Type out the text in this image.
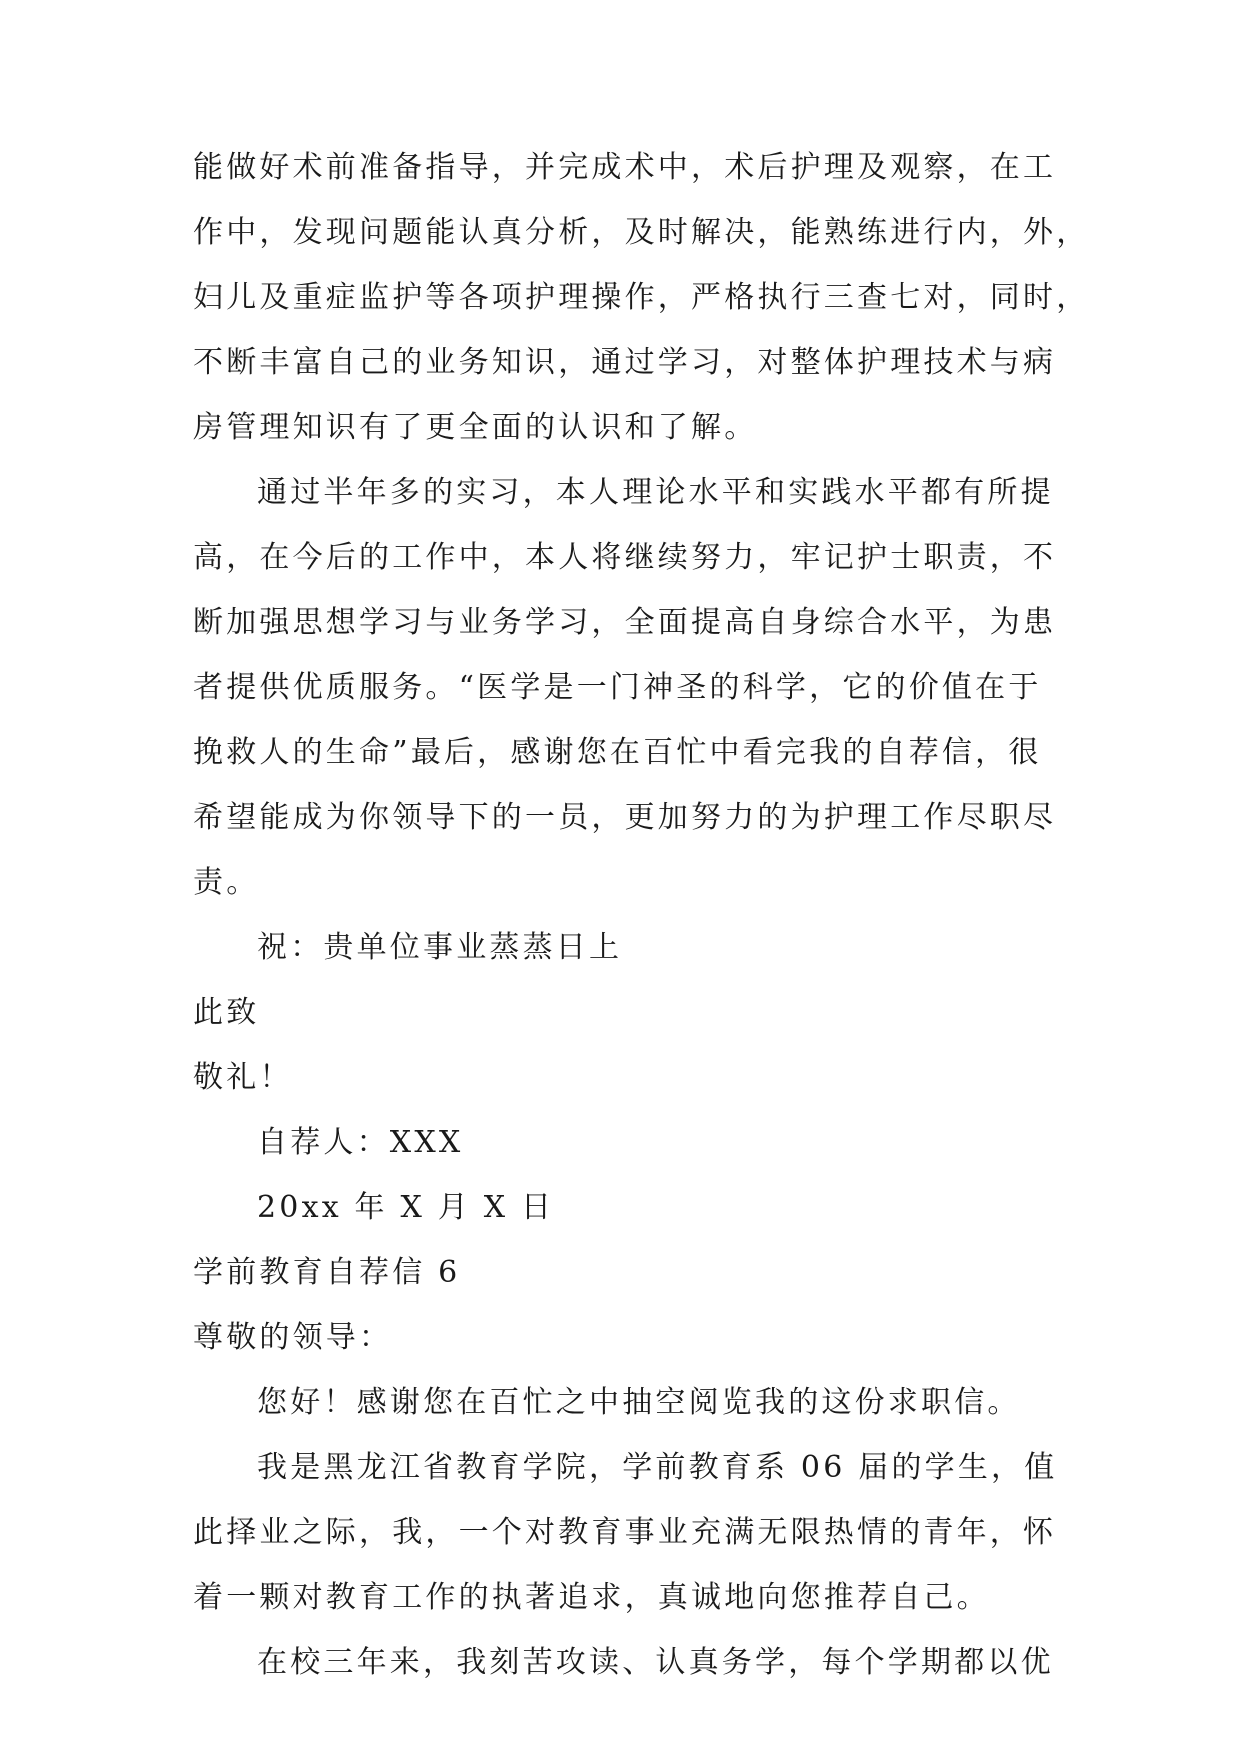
能做好术前准备指导，并完成术中，术后护理及观察，在工
作中，发现问题能认真分析，及时解决，能熟练进行内，外，
妇儿及重症监护等各项护理操作，严格执行三查七对，同时，
不断丰富自己的业务知识，通过学习，对整体护理技术与病
房管理知识有了更全面的认识和了解。
通过半年多的实习，本人理论水平和实践水平都有所提
高，在今后的工作中，本人将继续努力，牢记护士职责，不
断加强思想学习与业务学习，全面提高自身综合水平，为患
者提供优质服务。“医学是一门神圣的科学，它的价值在于
挽救人的生命”最后，感谢您在百忙中看完我的自荐信，很
希望能成为你领导下的一员，更加努力的为护理工作尽职尽
责。
祝：贵单位事业蒸蒸日上
此致
敬礼！
自荐人：XXX
20xx 年 X 月 X 日
学前教育自荐信 6
尊敬的领导：
您好！感谢您在百忙之中抽空阅览我的这份求职信。
我是黑龙江省教育学院，学前教育系 06 届的学生，值
此择业之际，我，一个对教育事业充满无限热情的青年，怀
着一颗对教育工作的执著追求，真诚地向您推荐自己。
在校三年来，我刻苦攻读、认真务学，每个学期都以优
